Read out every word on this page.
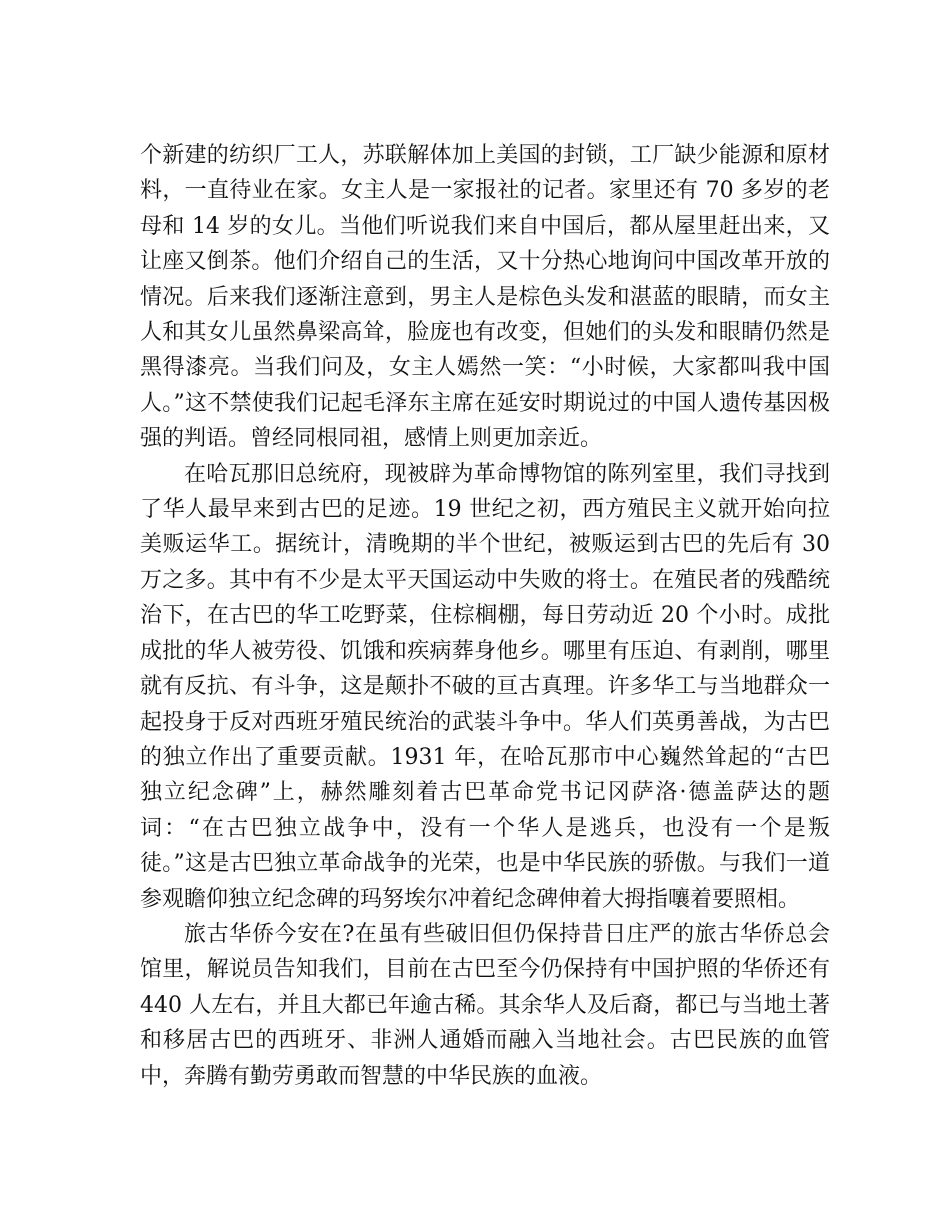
个新建的纺织厂工人，苏联解体加上美国的封锁，工厂缺少能源和原材料，一直待业在家。女主人是一家报社的记者。家里还有 70 多岁的老母和 14 岁的女儿。当他们听说我们来自中国后，都从屋里赶出来，又让座又倒茶。他们介绍自己的生活，又十分热心地询问中国改革开放的情况。后来我们逐渐注意到，男主人是棕色头发和湛蓝的眼睛，而女主人和其女儿虽然鼻梁高耸，脸庞也有改变，但她们的头发和眼睛仍然是黑得漆亮。当我们问及，女主人嫣然一笑：“小时候，大家都叫我中国人。”这不禁使我们记起毛泽东主席在延安时期说过的中国人遗传基因极强的判语。曾经同根同祖，感情上则更加亲近。

在哈瓦那旧总统府，现被辟为革命博物馆的陈列室里，我们寻找到了华人最早来到古巴的足迹。19 世纪之初，西方殖民主义就开始向拉美贩运华工。据统计，清晚期的半个世纪，被贩运到古巴的先后有 30 万之多。其中有不少是太平天国运动中失败的将士。在殖民者的残酷统治下，在古巴的华工吃野菜，住棕榈棚，每日劳动近 20 个小时。成批成批的华人被劳役、饥饿和疾病葬身他乡。哪里有压迫、有剥削，哪里就有反抗、有斗争，这是颠扑不破的亘古真理。许多华工与当地群众一起投身于反对西班牙殖民统治的武装斗争中。华人们英勇善战，为古巴的独立作出了重要贡献。1931 年，在哈瓦那市中心巍然耸起的“古巴独立纪念碑”上，赫然雕刻着古巴革命党书记冈萨洛·德盖萨达的题词：“在古巴独立战争中，没有一个华人是逃兵，也没有一个是叛徒。”这是古巴独立革命战争的光荣，也是中华民族的骄傲。与我们一道参观瞻仰独立纪念碑的玛努埃尔冲着纪念碑伸着大拇指嚷着要照相。

旅古华侨今安在?在虽有些破旧但仍保持昔日庄严的旅古华侨总会馆里，解说员告知我们，目前在古巴至今仍保持有中国护照的华侨还有 440 人左右，并且大都已年逾古稀。其余华人及后裔，都已与当地土著和移居古巴的西班牙、非洲人通婚而融入当地社会。古巴民族的血管中，奔腾有勤劳勇敢而智慧的中华民族的血液。
